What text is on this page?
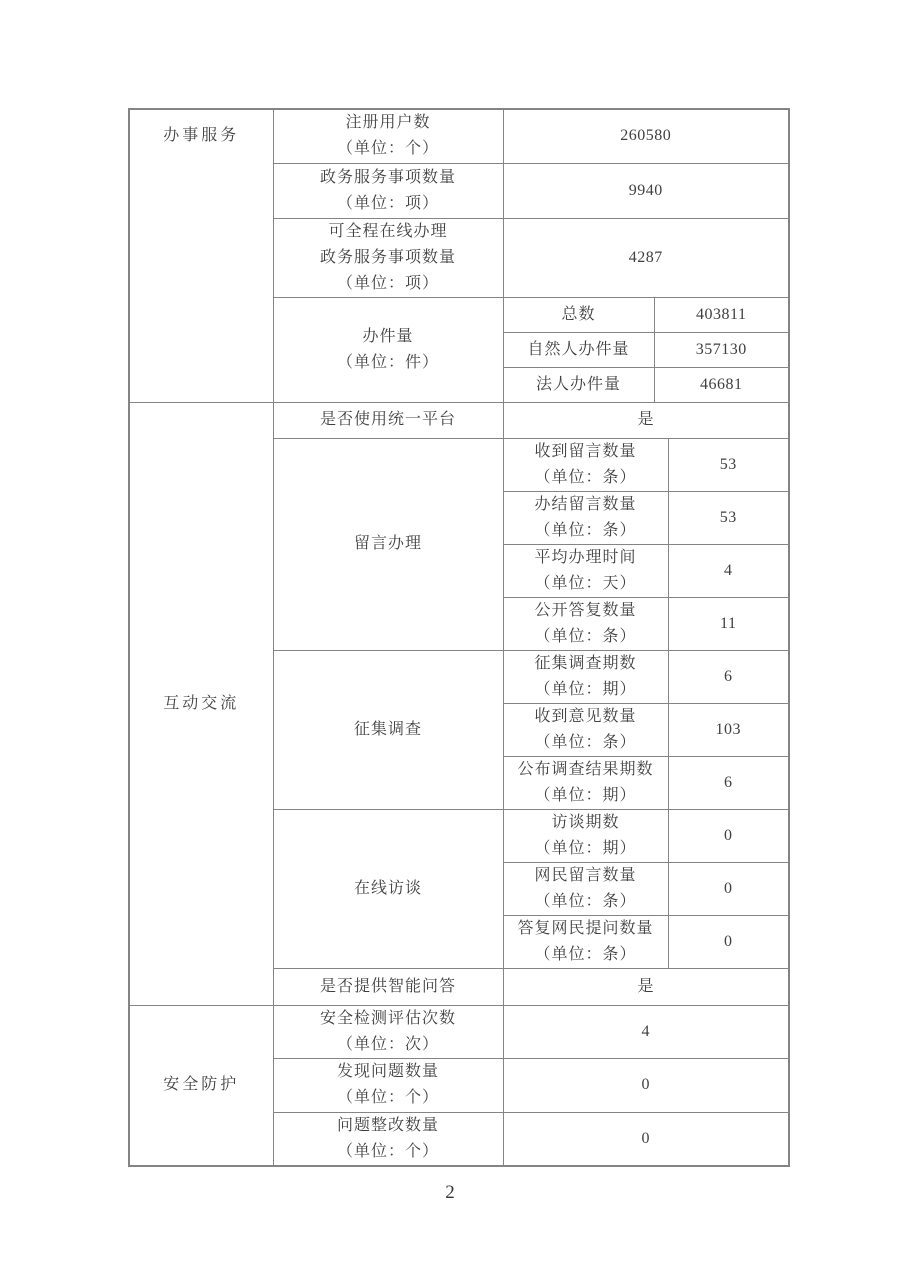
办事服务	注册用户数
（单位：个）	260580		

	政务服务事项数量
（单位：项）	9940		

	可全程在线办理
政务服务事项数量
（单位：项）	4287		

	办件量
（单位：件）	总数	403811	

		自然人办件量	357130	

		法人办件量	46681	

互动交流	是否使用统一平台	是		

	留言办理	收到留言数量
（单位：条）		53

		办结留言数量
（单位：条）		53

		平均办理时间
（单位：天）		4

		公开答复数量
（单位：条）		11

	征集调查	征集调查期数
（单位：期）		6

		收到意见数量
（单位：条）		103

		公布调查结果期数
（单位：期）		6

	在线访谈	访谈期数
（单位：期）		0

		网民留言数量
（单位：条）		0

		答复网民提问数量
（单位：条）		0

	是否提供智能问答	是		

安全防护	安全检测评估次数
（单位：次）	4		

	发现问题数量
（单位：个）	0		

	问题整改数量
（单位：个）	0		
2
